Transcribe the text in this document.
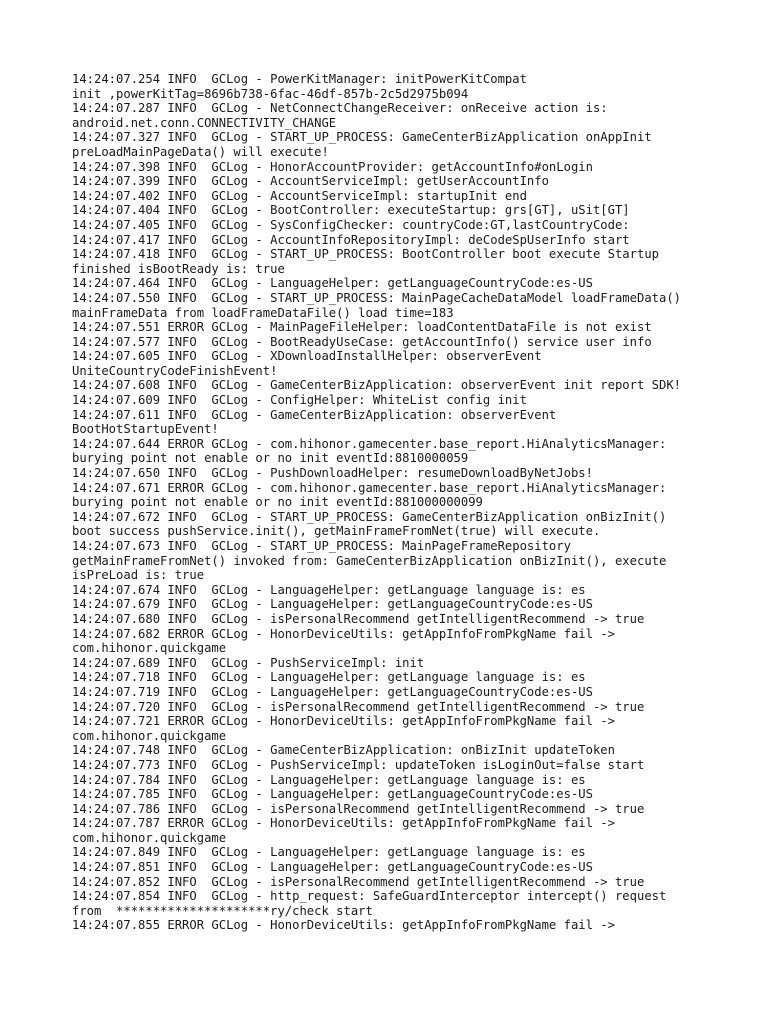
14:24:07.254 INFO  GCLog - PowerKitManager: initPowerKitCompat
init ,powerKitTag=8696b738-6fac-46df-857b-2c5d2975b094
14:24:07.287 INFO  GCLog - NetConnectChangeReceiver: onReceive action is:
android.net.conn.CONNECTIVITY_CHANGE
14:24:07.327 INFO  GCLog - START_UP_PROCESS: GameCenterBizApplication onAppInit
preLoadMainPageData() will execute!
14:24:07.398 INFO  GCLog - HonorAccountProvider: getAccountInfo#onLogin
14:24:07.399 INFO  GCLog - AccountServiceImpl: getUserAccountInfo
14:24:07.402 INFO  GCLog - AccountServiceImpl: startupInit end
14:24:07.404 INFO  GCLog - BootController: executeStartup: grs[GT], uSit[GT]
14:24:07.405 INFO  GCLog - SysConfigChecker: countryCode:GT,lastCountryCode:
14:24:07.417 INFO  GCLog - AccountInfoRepositoryImpl: deCodeSpUserInfo start
14:24:07.418 INFO  GCLog - START_UP_PROCESS: BootController boot execute Startup
finished isBootReady is: true
14:24:07.464 INFO  GCLog - LanguageHelper: getLanguageCountryCode:es-US
14:24:07.550 INFO  GCLog - START_UP_PROCESS: MainPageCacheDataModel loadFrameData()
mainFrameData from loadFrameDataFile() load time=183
14:24:07.551 ERROR GCLog - MainPageFileHelper: loadContentDataFile is not exist
14:24:07.577 INFO  GCLog - BootReadyUseCase: getAccountInfo() service user info
14:24:07.605 INFO  GCLog - XDownloadInstallHelper: observerEvent
UniteCountryCodeFinishEvent!
14:24:07.608 INFO  GCLog - GameCenterBizApplication: observerEvent init report SDK!
14:24:07.609 INFO  GCLog - ConfigHelper: WhiteList config init
14:24:07.611 INFO  GCLog - GameCenterBizApplication: observerEvent
BootHotStartupEvent!
14:24:07.644 ERROR GCLog - com.hihonor.gamecenter.base_report.HiAnalyticsManager:
burying point not enable or no init eventId:8810000059
14:24:07.650 INFO  GCLog - PushDownloadHelper: resumeDownloadByNetJobs!
14:24:07.671 ERROR GCLog - com.hihonor.gamecenter.base_report.HiAnalyticsManager:
burying point not enable or no init eventId:881000000099
14:24:07.672 INFO  GCLog - START_UP_PROCESS: GameCenterBizApplication onBizInit()
boot success pushService.init(), getMainFrameFromNet(true) will execute.
14:24:07.673 INFO  GCLog - START_UP_PROCESS: MainPageFrameRepository
getMainFrameFromNet() invoked from: GameCenterBizApplication onBizInit(), execute
isPreLoad is: true
14:24:07.674 INFO  GCLog - LanguageHelper: getLanguage language is: es
14:24:07.679 INFO  GCLog - LanguageHelper: getLanguageCountryCode:es-US
14:24:07.680 INFO  GCLog - isPersonalRecommend getIntelligentRecommend -> true
14:24:07.682 ERROR GCLog - HonorDeviceUtils: getAppInfoFromPkgName fail ->
com.hihonor.quickgame
14:24:07.689 INFO  GCLog - PushServiceImpl: init
14:24:07.718 INFO  GCLog - LanguageHelper: getLanguage language is: es
14:24:07.719 INFO  GCLog - LanguageHelper: getLanguageCountryCode:es-US
14:24:07.720 INFO  GCLog - isPersonalRecommend getIntelligentRecommend -> true
14:24:07.721 ERROR GCLog - HonorDeviceUtils: getAppInfoFromPkgName fail ->
com.hihonor.quickgame
14:24:07.748 INFO  GCLog - GameCenterBizApplication: onBizInit updateToken
14:24:07.773 INFO  GCLog - PushServiceImpl: updateToken isLoginOut=false start
14:24:07.784 INFO  GCLog - LanguageHelper: getLanguage language is: es
14:24:07.785 INFO  GCLog - LanguageHelper: getLanguageCountryCode:es-US
14:24:07.786 INFO  GCLog - isPersonalRecommend getIntelligentRecommend -> true
14:24:07.787 ERROR GCLog - HonorDeviceUtils: getAppInfoFromPkgName fail ->
com.hihonor.quickgame
14:24:07.849 INFO  GCLog - LanguageHelper: getLanguage language is: es
14:24:07.851 INFO  GCLog - LanguageHelper: getLanguageCountryCode:es-US
14:24:07.852 INFO  GCLog - isPersonalRecommend getIntelligentRecommend -> true
14:24:07.854 INFO  GCLog - http_request: SafeGuardInterceptor intercept() request
from  *********************ry/check start
14:24:07.855 ERROR GCLog - HonorDeviceUtils: getAppInfoFromPkgName fail ->
